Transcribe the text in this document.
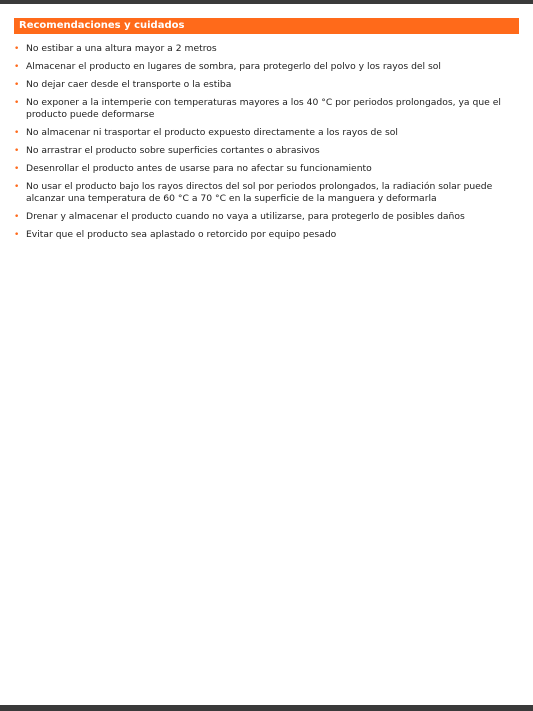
Recomendaciones y cuidados
• No estibar a una altura mayor a 2 metros
• Almacenar el producto en lugares de sombra, para protegerlo del polvo y los rayos del sol
• No dejar caer desde el transporte o la estiba
• No exponer a la intemperie con temperaturas mayores a los 40 °C por periodos prolongados, ya que el producto puede deformarse
• No almacenar ni trasportar el producto expuesto directamente a los rayos de sol
• No arrastrar el producto sobre superficies cortantes o abrasivos
• Desenrollar el producto antes de usarse para no afectar su funcionamiento
• No usar el producto bajo los rayos directos del sol por periodos prolongados, la radiación solar puede alcanzar una temperatura de 60 °C a 70 °C en la superficie de la manguera y deformarla
• Drenar y almacenar el producto cuando no vaya a utilizarse, para protegerlo de posibles daños
• Evitar que el producto sea aplastado o retorcido por equipo pesado
